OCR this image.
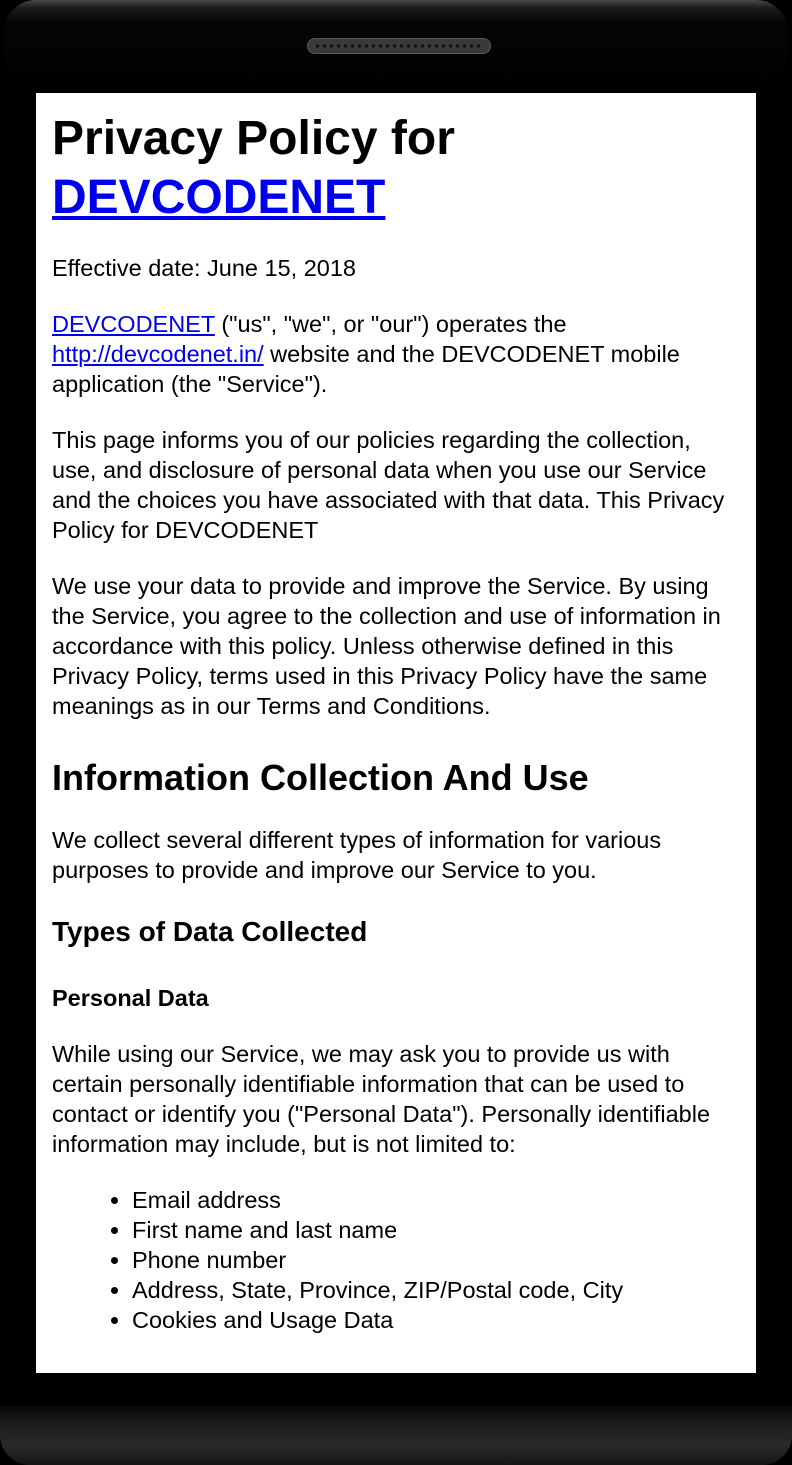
Privacy Policy for
DEVCODENET

Effective date: June 15, 2018

DEVCODENET ("us", "we", or "our") operates the http://devcodenet.in/ website and the DEVCODENET mobile application (the "Service").

This page informs you of our policies regarding the collection, use, and disclosure of personal data when you use our Service and the choices you have associated with that data. This Privacy Policy for DEVCODENET

We use your data to provide and improve the Service. By using the Service, you agree to the collection and use of information in accordance with this policy. Unless otherwise defined in this Privacy Policy, terms used in this Privacy Policy have the same meanings as in our Terms and Conditions.

Information Collection And Use

We collect several different types of information for various purposes to provide and improve our Service to you.

Types of Data Collected
Personal Data

While using our Service, we may ask you to provide us with certain personally identifiable information that can be used to contact or identify you ("Personal Data"). Personally identifiable information may include, but is not limited to:

• Email address
• First name and last name
• Phone number
• Address, State, Province, ZIP/Postal code, City
• Cookies and Usage Data
